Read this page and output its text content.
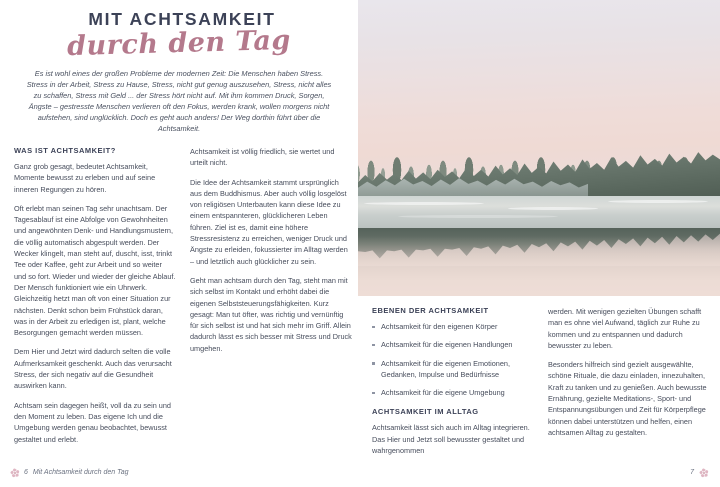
MIT ACHTSAMKEIT
durch den Tag
Es ist wohl eines der großen Probleme der modernen Zeit: Die Menschen haben Stress. Stress in der Arbeit, Stress zu Hause, Stress, nicht gut genug auszusehen, Stress, nicht alles zu schaffen, Stress mit Geld ... der Stress hört nicht auf. Mit ihm kommen Druck, Sorgen, Ängste – gestresste Menschen verlieren oft den Fokus, werden krank, wollen morgens nicht aufstehen, sind unglücklich. Doch es geht auch anders! Der Weg dorthin führt über die Achtsamkeit.
WAS IST ACHTSAMKEIT?

Ganz grob gesagt, bedeutet Achtsamkeit, Momente bewusst zu erleben und auf seine inneren Regungen zu hören.

Oft erlebt man seinen Tag sehr unachtsam. Der Tagesablauf ist eine Abfolge von Gewohnheiten und angewöhnten Denk- und Handlungsmustern, die völlig automatisch abgespult werden. Der Wecker klingelt, man steht auf, duscht, isst, trinkt Tee oder Kaffee, geht zur Arbeit und so weiter und so fort. Wieder und wieder der gleiche Ablauf. Der Mensch funktioniert wie ein Uhrwerk. Gleichzeitig hetzt man oft von einer Situation zur nächsten. Denkt schon beim Frühstück daran, was in der Arbeit zu erledigen ist, plant, welche Besorgungen gemacht werden müssen.

Dem Hier und Jetzt wird dadurch selten die volle Aufmerksamkeit geschenkt. Auch das verursacht Stress, der sich negativ auf die Gesundheit auswirken kann.

Achtsam sein dagegen heißt, voll da zu sein und den Moment zu leben. Das eigene Ich und die Umgebung werden genau beobachtet, bewusst gestaltet und erlebt.

Achtsamkeit ist völlig friedlich, sie wertet und urteilt nicht.

Die Idee der Achtsamkeit stammt ursprünglich aus dem Buddhismus. Aber auch völlig losgelöst von religiösen Unterbauten kann diese Idee zu einem entspannteren, glücklicheren Leben führen. Ziel ist es, damit eine höhere Stressresistenz zu erreichen, weniger Druck und Ängste zu erleiden, fokussierter im Alltag werden – und letztlich auch glücklicher zu sein.

Geht man achtsam durch den Tag, steht man mit sich selbst im Kontakt und erhöht dabei die eigenen Selbststeuerungsfähigkeiten. Kurz gesagt: Man tut öfter, was richtig und vernünftig für sich selbst ist und hat sich mehr im Griff. Allein dadurch lässt es sich besser mit Stress und Druck umgehen.

6 Mit Achtsamkeit durch den Tag
EBENEN DER ACHTSAMKEIT
Achtsamkeit für den eigenen Körper
Achtsamkeit für die eigenen Handlungen
Achtsamkeit für die eigenen Emotionen, Gedanken, Impulse und Bedürfnisse
Achtsamkeit für die eigene Umgebung
ACHTSAMKEIT IM ALLTAG

Achtsamkeit lässt sich auch im Alltag integrieren. Das Hier und Jetzt soll bewusster gestaltet und wahrgenommen

werden. Mit wenigen gezielten Übungen schafft man es ohne viel Aufwand, täglich zur Ruhe zu kommen und zu entspannen und dadurch bewusster zu leben.

Besonders hilfreich sind gezielt ausgewählte, schöne Rituale, die dazu einladen, innezuhalten, Kraft zu tanken und zu genießen. Auch bewusste Ernährung, gezielte Meditations-, Sport- und Entspannungsübungen und Zeit für Körperpflege können dabei unterstützen und helfen, einen achtsamen Alltag zu gestalten.

7
